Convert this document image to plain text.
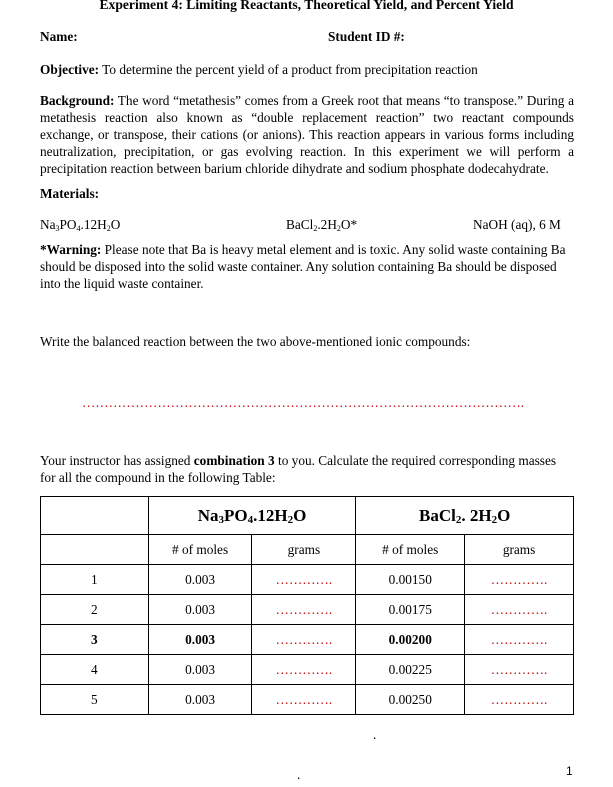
Experiment 4: Limiting Reactants, Theoretical Yield, and Percent Yield
Name:	Student ID #:
Objective: To determine the percent yield of a product from precipitation reaction
Background: The word “metathesis” comes from a Greek root that means “to transpose.” During a metathesis reaction also known as “double replacement reaction” two reactant compounds exchange, or transpose, their cations (or anions). This reaction appears in various forms including neutralization, precipitation, or gas evolving reaction. In this experiment we will perform a precipitation reaction between barium chloride dihydrate and sodium phosphate dodecahydrate.
Materials:
$Na_3PO_4.12H_2O$	$BaCl_2.2H_2O*$	NaOH (aq), 6 M
*Warning: Please note that Ba is heavy metal element and is toxic. Any solid waste containing Ba should be disposed into the solid waste container. Any solution containing Ba should be disposed into the liquid waste container.
Write the balanced reaction between the two above-mentioned ionic compounds:
……………………………………………………………………………………….
Your instructor has assigned combination 3 to you. Calculate the required corresponding masses for all the compound in the following Table:
	$Na_3PO_4.12H_2O$		BaCl$_2$. $2H_2O$	
	# of moles	grams	# of moles	grams
1	0.003	………….	0.00150	………….
2	0.003	………….	0.00175	………….
3	0.003	………….	0.00200	………….
4	0.003	………….	0.00225	………….
5	0.003	………….	0.00250	………….
.
.	1
